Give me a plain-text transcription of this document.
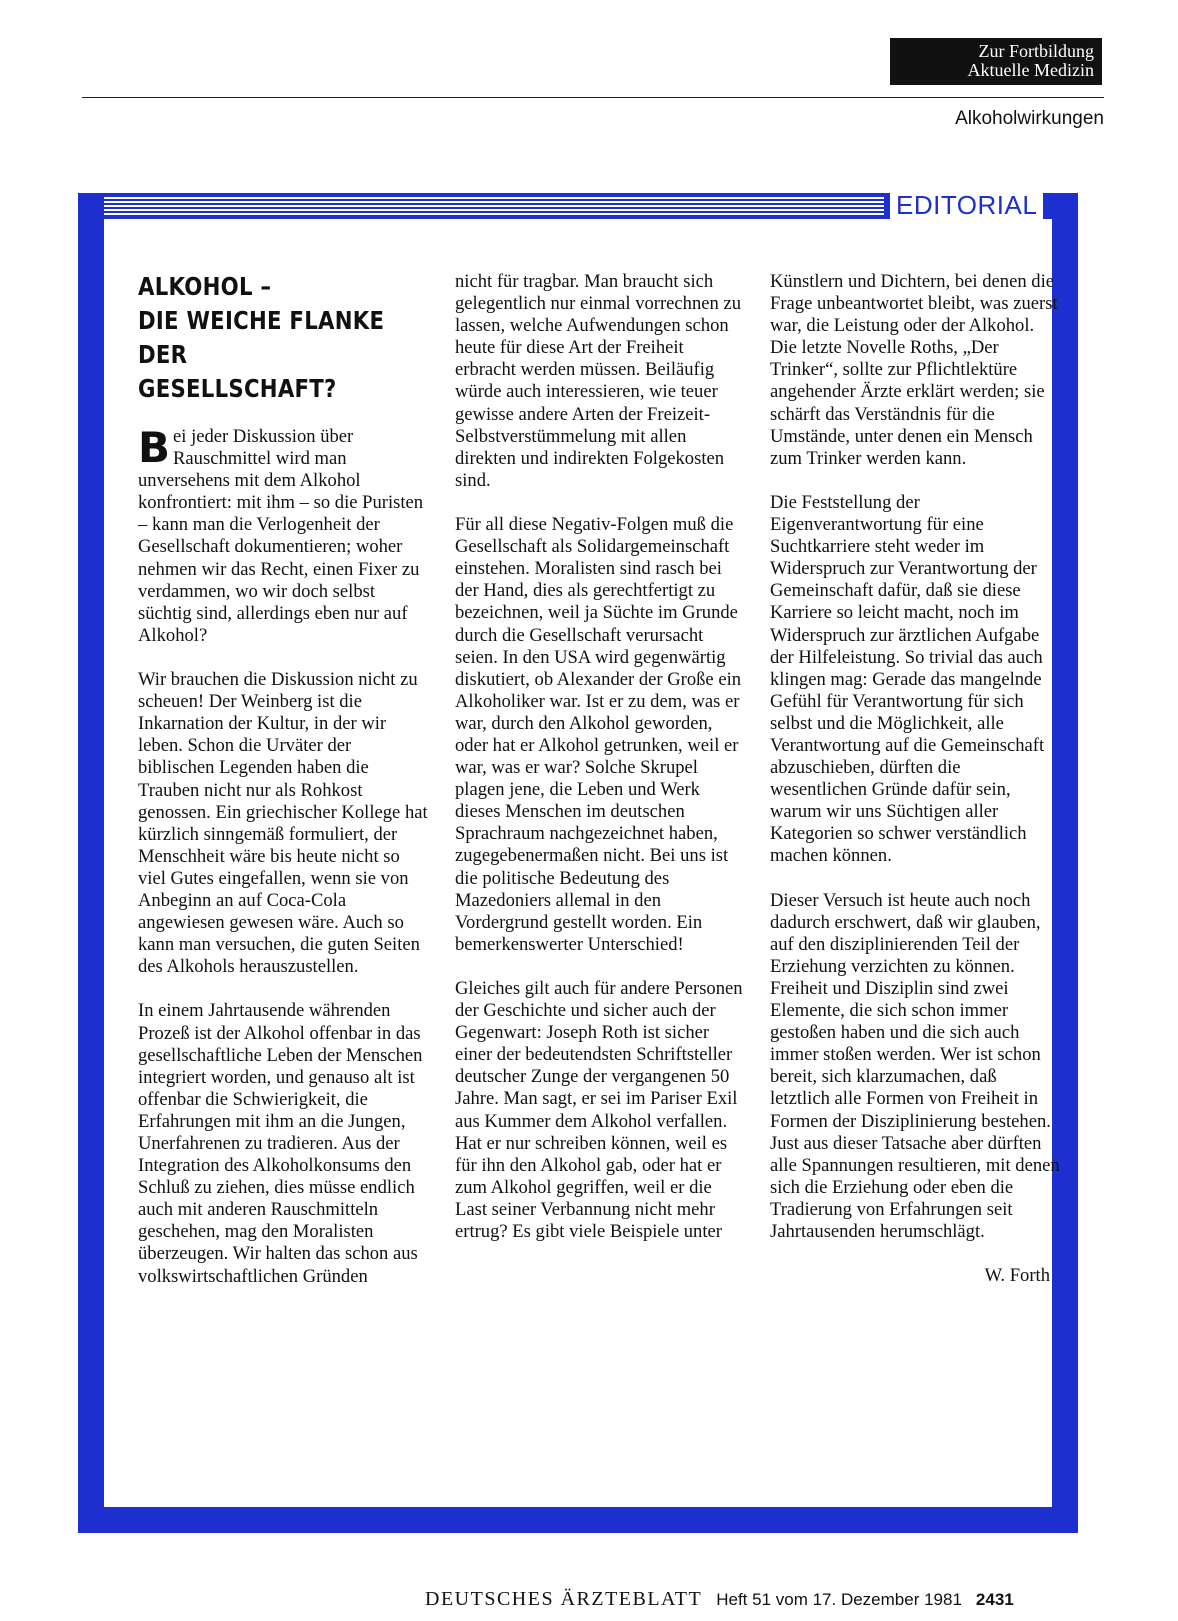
Zur Fortbildung
Aktuelle Medizin
Alkoholwirkungen
EDITORIAL
ALKOHOL –
DIE WEICHE FLANKE
DER GESELLSCHAFT?

Bei jeder Diskussion über Rauschmittel wird man unversehens mit dem Alkohol konfrontiert: mit ihm – so die Puristen – kann man die Verlogenheit der Gesellschaft dokumentieren; woher nehmen wir das Recht, einen Fixer zu verdammen, wo wir doch selbst süchtig sind, allerdings eben nur auf Alkohol?

Wir brauchen die Diskussion nicht zu scheuen! Der Weinberg ist die Inkarnation der Kultur, in der wir leben. Schon die Urväter der biblischen Legenden haben die Trauben nicht nur als Rohkost genossen. Ein griechischer Kollege hat kürzlich sinngemäß formuliert, der Menschheit wäre bis heute nicht so viel Gutes eingefallen, wenn sie von Anbeginn an auf Coca-Cola angewiesen gewesen wäre. Auch so kann man versuchen, die guten Seiten des Alkohols herauszustellen.

In einem Jahrtausende währenden Prozeß ist der Alkohol offenbar in das gesellschaftliche Leben der Menschen integriert worden, und genauso alt ist offenbar die Schwierigkeit, die Erfahrungen mit ihm an die Jungen, Unerfahrenen zu tradieren. Aus der Integration des Alkoholkonsums den Schluß zu ziehen, dies müsse endlich auch mit anderen Rauschmitteln geschehen, mag den Moralisten überzeugen. Wir halten das schon aus volkswirtschaftlichen Gründen

nicht für tragbar. Man braucht sich gelegentlich nur einmal vorrechnen zu lassen, welche Aufwendungen schon heute für diese Art der Freiheit erbracht werden müssen. Beiläufig würde auch interessieren, wie teuer gewisse andere Arten der Freizeit-Selbstverstümmelung mit allen direkten und indirekten Folgekosten sind.

Für all diese Negativ-Folgen muß die Gesellschaft als Solidargemeinschaft einstehen. Moralisten sind rasch bei der Hand, dies als gerechtfertigt zu bezeichnen, weil ja Süchte im Grunde durch die Gesellschaft verursacht seien. In den USA wird gegenwärtig diskutiert, ob Alexander der Große ein Alkoholiker war. Ist er zu dem, was er war, durch den Alkohol geworden, oder hat er Alkohol getrunken, weil er war, was er war? Solche Skrupel plagen jene, die Leben und Werk dieses Menschen im deutschen Sprachraum nachgezeichnet haben, zugegebenermaßen nicht. Bei uns ist die politische Bedeutung des Mazedoniers allemal in den Vordergrund gestellt worden. Ein bemerkenswerter Unterschied!

Gleiches gilt auch für andere Personen der Geschichte und sicher auch der Gegenwart: Joseph Roth ist sicher einer der bedeutendsten Schriftsteller deutscher Zunge der vergangenen 50 Jahre. Man sagt, er sei im Pariser Exil aus Kummer dem Alkohol verfallen. Hat er nur schreiben können, weil es für ihn den Alkohol gab, oder hat er zum Alkohol gegriffen, weil er die Last seiner Verbannung nicht mehr ertrug? Es gibt viele Beispiele unter

Künstlern und Dichtern, bei denen die Frage unbeantwortet bleibt, was zuerst war, die Leistung oder der Alkohol. Die letzte Novelle Roths, „Der Trinker“, sollte zur Pflichtlektüre angehender Ärzte erklärt werden; sie schärft das Verständnis für die Umstände, unter denen ein Mensch zum Trinker werden kann.

Die Feststellung der Eigenverantwortung für eine Suchtkarriere steht weder im Widerspruch zur Verantwortung der Gemeinschaft dafür, daß sie diese Karriere so leicht macht, noch im Widerspruch zur ärztlichen Aufgabe der Hilfeleistung. So trivial das auch klingen mag: Gerade das mangelnde Gefühl für Verantwortung für sich selbst und die Möglichkeit, alle Verantwortung auf die Gemeinschaft abzuschieben, dürften die wesentlichen Gründe dafür sein, warum wir uns Süchtigen aller Kategorien so schwer verständlich machen können.

Dieser Versuch ist heute auch noch dadurch erschwert, daß wir glauben, auf den disziplinierenden Teil der Erziehung verzichten zu können. Freiheit und Disziplin sind zwei Elemente, die sich schon immer gestoßen haben und die sich auch immer stoßen werden. Wer ist schon bereit, sich klarzumachen, daß letztlich alle Formen von Freiheit in Formen der Disziplinierung bestehen. Just aus dieser Tatsache aber dürften alle Spannungen resultieren, mit denen sich die Erziehung oder eben die Tradierung von Erfahrungen seit Jahrtausenden herumschlägt.

W. Forth

DEUTSCHES ÄRZTEBLATT Heft 51 vom 17. Dezember 1981 2431
